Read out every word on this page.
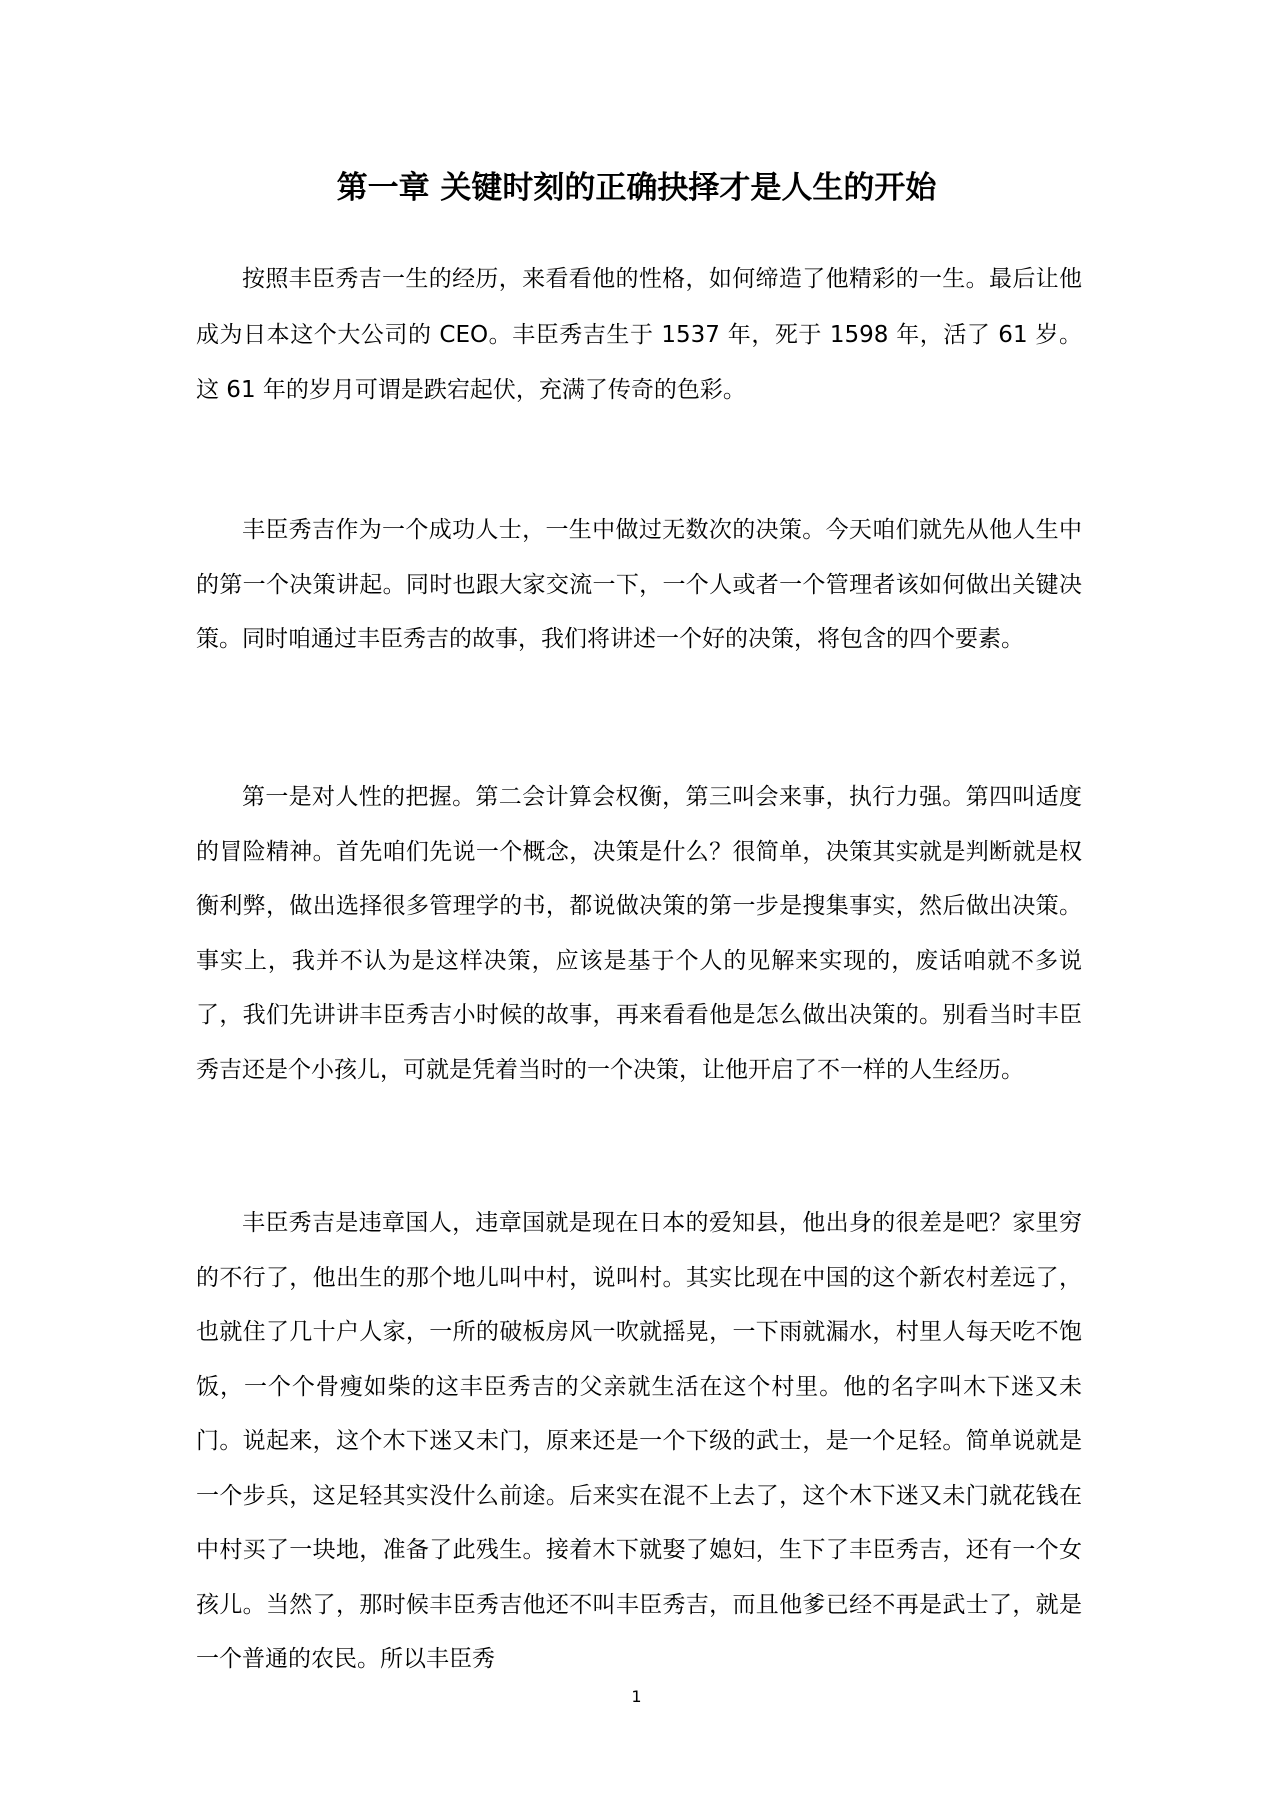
第一章 关键时刻的正确抉择才是人生的开始

按照丰臣秀吉一生的经历，来看看他的性格，如何缔造了他精彩的一生。最后让他成为日本这个大公司的 CEO。丰臣秀吉生于 1537 年，死于 1598 年，活了 61 岁。这 61 年的岁月可谓是跌宕起伏，充满了传奇的色彩。

丰臣秀吉作为一个成功人士，一生中做过无数次的决策。今天咱们就先从他人生中的第一个决策讲起。同时也跟大家交流一下，一个人或者一个管理者该如何做出关键决策。同时咱通过丰臣秀吉的故事，我们将讲述一个好的决策，将包含的四个要素。

第一是对人性的把握。第二会计算会权衡，第三叫会来事，执行力强。第四叫适度的冒险精神。首先咱们先说一个概念，决策是什么？很简单，决策其实就是判断就是权衡利弊，做出选择很多管理学的书，都说做决策的第一步是搜集事实，然后做出决策。事实上，我并不认为是这样决策，应该是基于个人的见解来实现的，废话咱就不多说了，我们先讲讲丰臣秀吉小时候的故事，再来看看他是怎么做出决策的。别看当时丰臣秀吉还是个小孩儿，可就是凭着当时的一个决策，让他开启了不一样的人生经历。

丰臣秀吉是违章国人，违章国就是现在日本的爱知县，他出身的很差是吧？家里穷的不行了，他出生的那个地儿叫中村，说叫村。其实比现在中国的这个新农村差远了，也就住了几十户人家，一所的破板房风一吹就摇晃，一下雨就漏水，村里人每天吃不饱饭，一个个骨瘦如柴的这丰臣秀吉的父亲就生活在这个村里。他的名字叫木下迷又未门。说起来，这个木下迷又未门，原来还是一个下级的武士，是一个足轻。简单说就是一个步兵，这足轻其实没什么前途。后来实在混不上去了，这个木下迷又未门就花钱在中村买了一块地，准备了此残生。接着木下就娶了媳妇，生下了丰臣秀吉，还有一个女孩儿。当然了，那时候丰臣秀吉他还不叫丰臣秀吉，而且他爹已经不再是武士了，就是一个普通的农民。所以丰臣秀

1
